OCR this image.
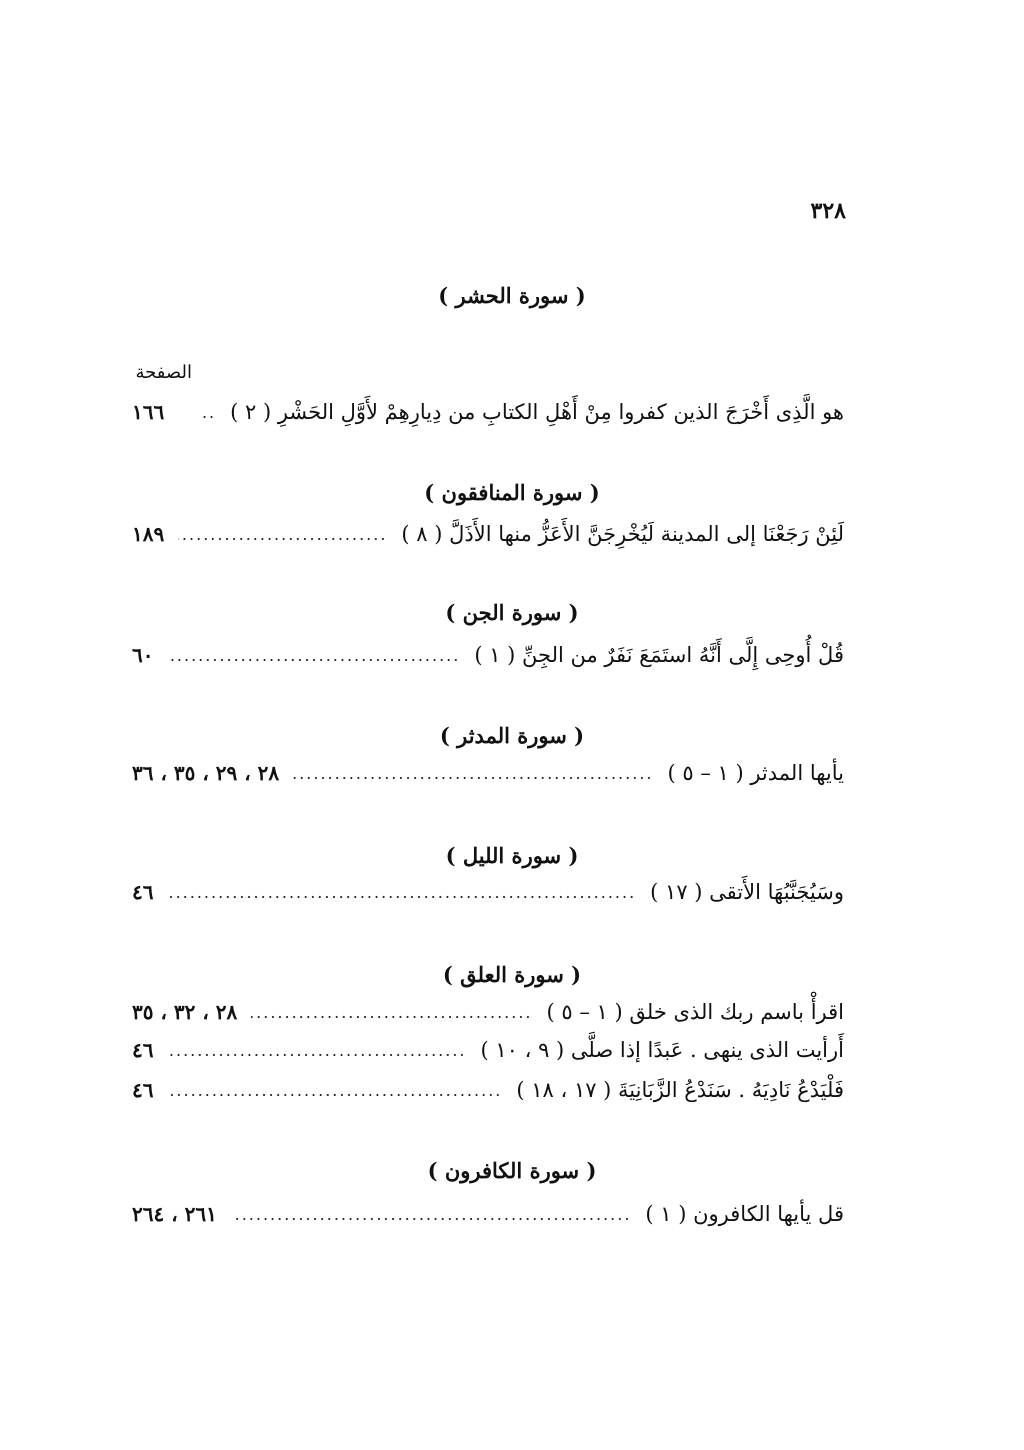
٣٢٨
( سورة الحشر )
الصفحة
هو الَّذِى أَخْرَجَ الذين كفروا مِنْ أَهْلِ الكتابِ من دِيارِهِمْ لأَوَّلِ الحَشْرِ ( ٢ )
..
١٦٦
( سورة المنافقون )
لَئِنْ رَجَعْنَا إلى المدينة لَيُخْرِجَنَّ الأَعَزُّ منها الأَذَلَّ ( ٨ )
.....
١٨٩
( سورة الجن )
قُلْ أُوحِى إِلَّى أَنَّهُ استَمَعَ نَفَرٌ من الجِنِّ ( ١ )
.....
٦٠
( سورة المدثر )
يأيها المدثر ( ١ – ٥ )
.....
٢٨ ، ٢٩ ، ٣٥ ، ٣٦
( سورة الليل )
وسَيُجَنَّبُهَا الأَتقى ( ١٧ )
.....
٤٦
( سورة العلق )
اقرأْ باسم ربك الذى خلق ( ١ – ٥ )
.....
٢٨ ، ٣٢ ، ٣٥
أَرأيت الذى ينهى . عَبدًا إذا صلَّى ( ٩ ، ١٠ )
.....
٤٦
فَلْيَدْعُ نَادِيَهُ . سَنَدْعُ الزَّبَانِيَةَ ( ١٧ ، ١٨ )
.....
٤٦
( سورة الكافرون )
قل يأيها الكافرون ( ١ )
.....
٢٦١ ، ٢٦٤
